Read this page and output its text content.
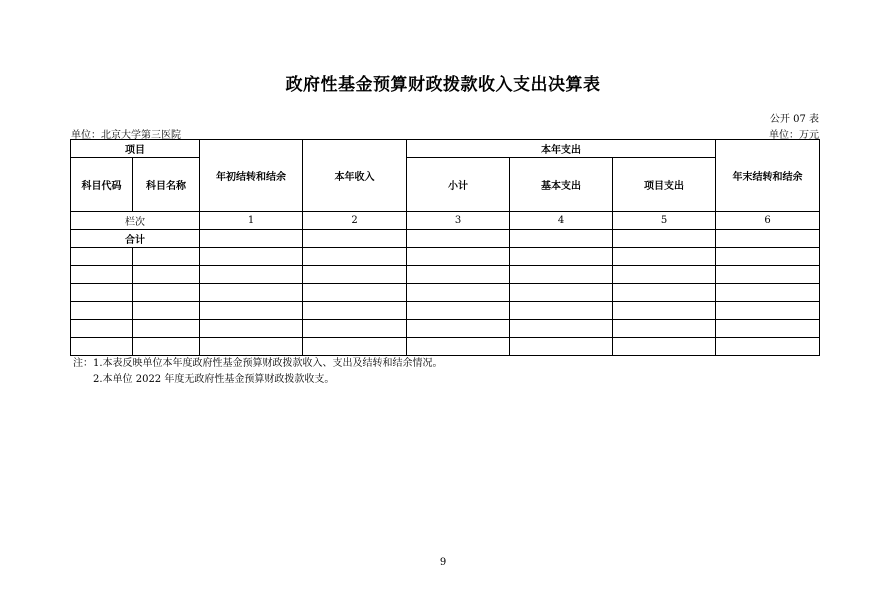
政府性基金预算财政拨款收入支出决算表
公开 07 表
单位：北京大学第三医院	单位：万元
项目		年初结转和结余	本年收入	本年支出			年末结转和结余
科目代码	科目名称			小计	基本支出	项目支出	
栏次		1	2	3	4	5	6
合计							

注：1.本表反映单位本年度政府性基金预算财政拨款收入、支出及结转和结余情况。
2.本单位 2022 年度无政府性基金预算财政拨款收支。
9
